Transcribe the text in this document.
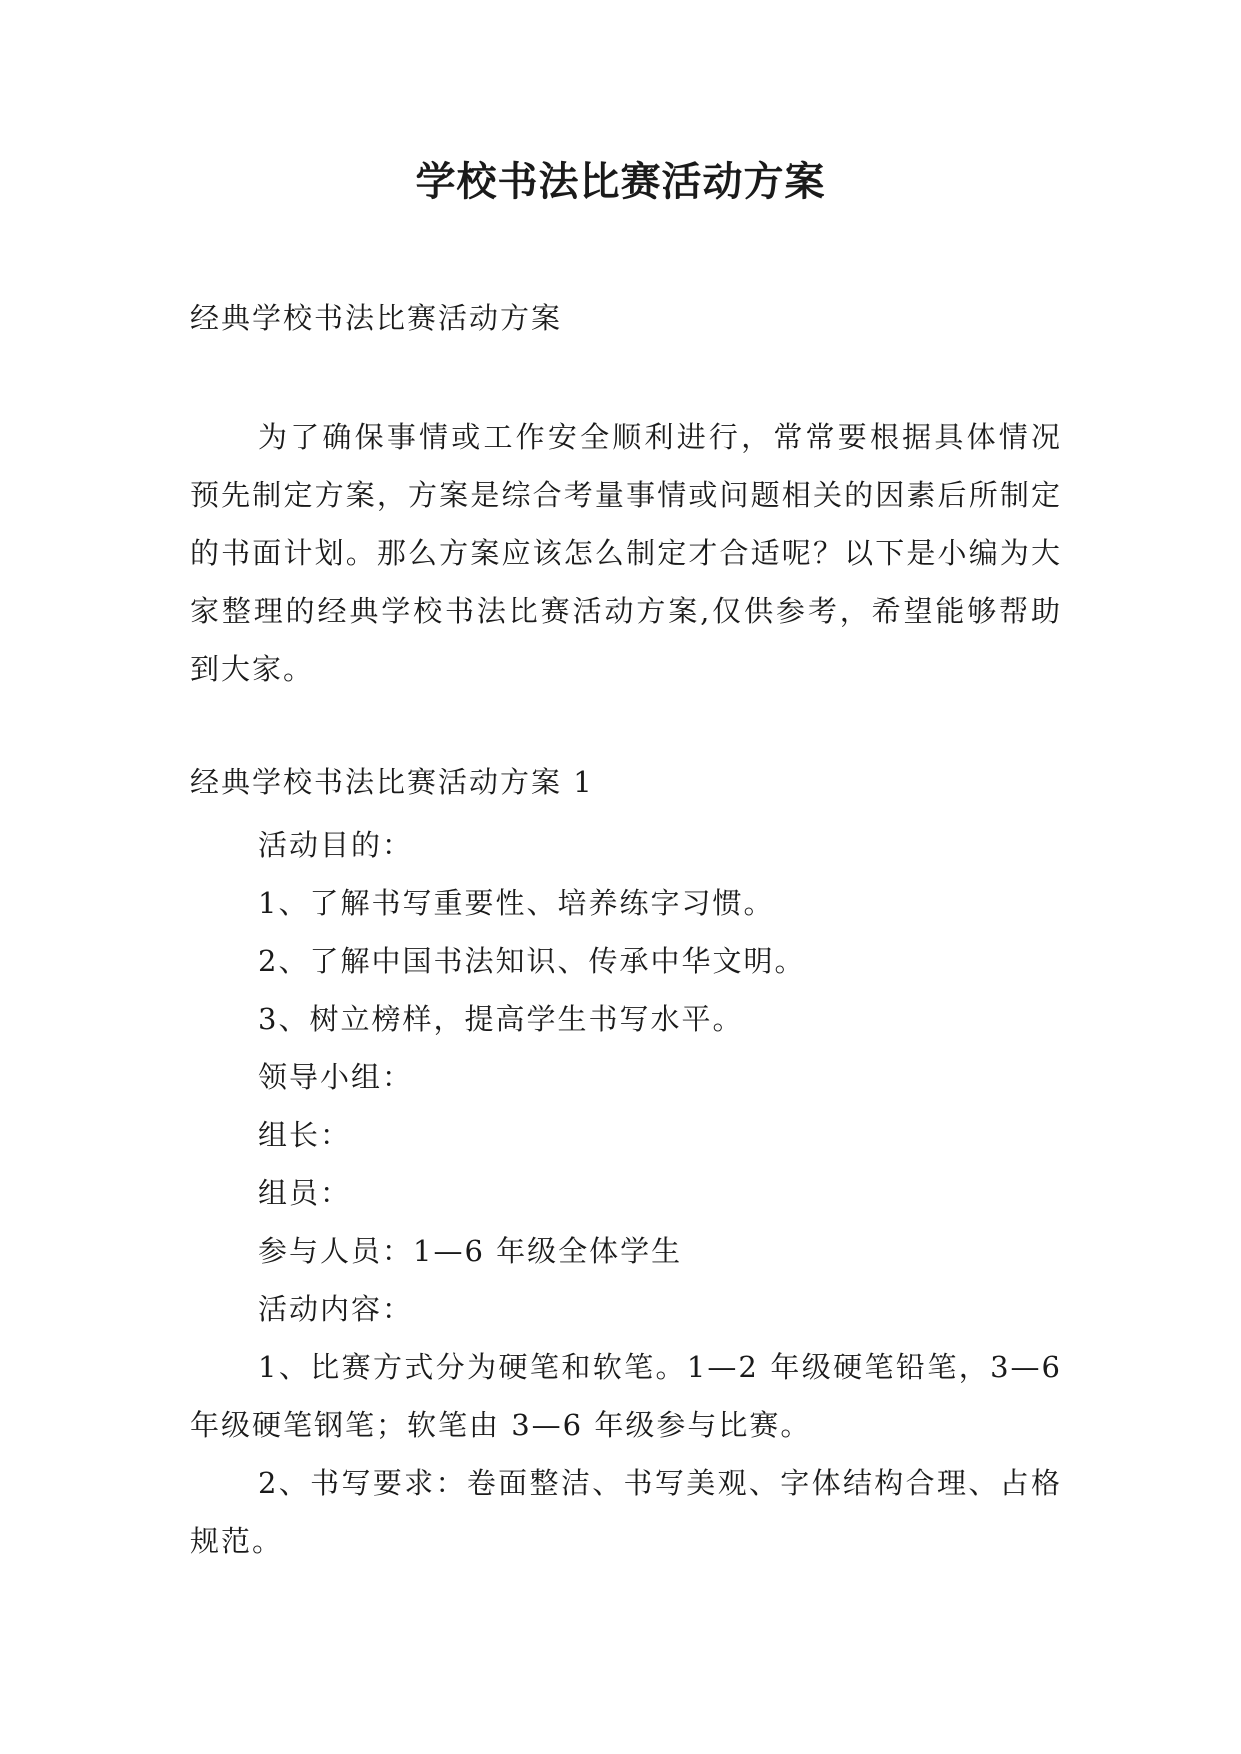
学校书法比赛活动方案

经典学校书法比赛活动方案

为了确保事情或工作安全顺利进行，常常要根据具体情况预先制定方案，方案是综合考量事情或问题相关的因素后所制定的书面计划。那么方案应该怎么制定才合适呢？以下是小编为大家整理的经典学校书法比赛活动方案,仅供参考，希望能够帮助到大家。

经典学校书法比赛活动方案 1

活动目的：
1、了解书写重要性、培养练字习惯。
2、了解中国书法知识、传承中华文明。
3、树立榜样，提高学生书写水平。
领导小组：
组长：
组员：
参与人员：1—6 年级全体学生
活动内容：
1、比赛方式分为硬笔和软笔。1—2 年级硬笔铅笔，3—6 年级硬笔钢笔；软笔由 3—6 年级参与比赛。
2、书写要求：卷面整洁、书写美观、字体结构合理、占格规范。
